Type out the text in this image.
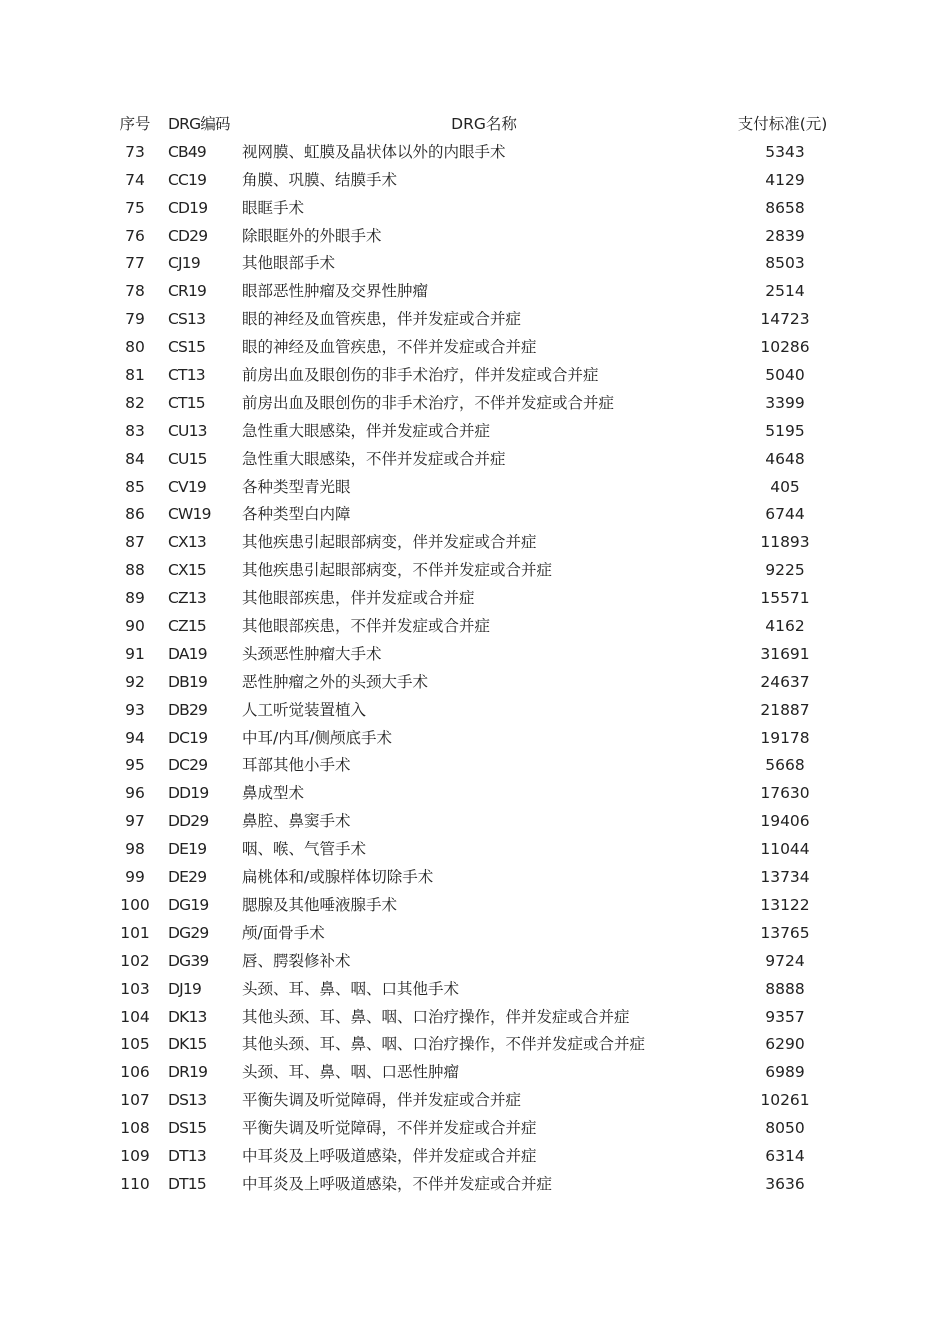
序号	DRG编码	DRG名称	支付标准(元)
73	CB49	视网膜、虹膜及晶状体以外的内眼手术	5343
74	CC19	角膜、巩膜、结膜手术	4129
75	CD19	眼眶手术	8658
76	CD29	除眼眶外的外眼手术	2839
77	CJ19	其他眼部手术	8503
78	CR19	眼部恶性肿瘤及交界性肿瘤	2514
79	CS13	眼的神经及血管疾患，伴并发症或合并症	14723
80	CS15	眼的神经及血管疾患，不伴并发症或合并症	10286
81	CT13	前房出血及眼创伤的非手术治疗，伴并发症或合并症	5040
82	CT15	前房出血及眼创伤的非手术治疗，不伴并发症或合并症	3399
83	CU13	急性重大眼感染，伴并发症或合并症	5195
84	CU15	急性重大眼感染，不伴并发症或合并症	4648
85	CV19	各种类型青光眼	405
86	CW19	各种类型白内障	6744
87	CX13	其他疾患引起眼部病变，伴并发症或合并症	11893
88	CX15	其他疾患引起眼部病变，不伴并发症或合并症	9225
89	CZ13	其他眼部疾患，伴并发症或合并症	15571
90	CZ15	其他眼部疾患，不伴并发症或合并症	4162
91	DA19	头颈恶性肿瘤大手术	31691
92	DB19	恶性肿瘤之外的头颈大手术	24637
93	DB29	人工听觉装置植入	21887
94	DC19	中耳/内耳/侧颅底手术	19178
95	DC29	耳部其他小手术	5668
96	DD19	鼻成型术	17630
97	DD29	鼻腔、鼻窦手术	19406
98	DE19	咽、喉、气管手术	11044
99	DE29	扁桃体和/或腺样体切除手术	13734
100	DG19	腮腺及其他唾液腺手术	13122
101	DG29	颅/面骨手术	13765
102	DG39	唇、腭裂修补术	9724
103	DJ19	头颈、耳、鼻、咽、口其他手术	8888
104	DK13	其他头颈、耳、鼻、咽、口治疗操作，伴并发症或合并症	9357
105	DK15	其他头颈、耳、鼻、咽、口治疗操作，不伴并发症或合并症	6290
106	DR19	头颈、耳、鼻、咽、口恶性肿瘤	6989
107	DS13	平衡失调及听觉障碍，伴并发症或合并症	10261
108	DS15	平衡失调及听觉障碍，不伴并发症或合并症	8050
109	DT13	中耳炎及上呼吸道感染，伴并发症或合并症	6314
110	DT15	中耳炎及上呼吸道感染，不伴并发症或合并症	3636
